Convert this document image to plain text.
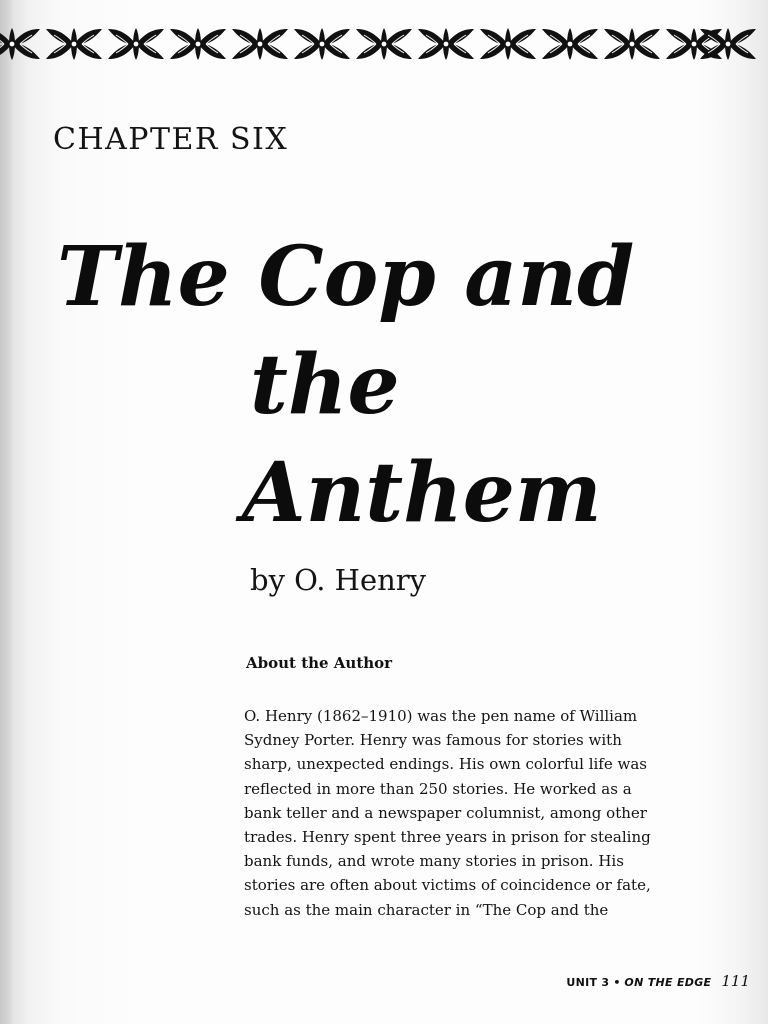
CHAPTER SIX
The Cop and
the
Anthem
by O. Henry
About the Author
O. Henry (1862–1910) was the pen name of William
Sydney Porter. Henry was famous for stories with
sharp, unexpected endings. His own colorful life was
reflected in more than 250 stories. He worked as a
bank teller and a newspaper columnist, among other
trades. Henry spent three years in prison for stealing
bank funds, and wrote many stories in prison. His
stories are often about victims of coincidence or fate,
such as the main character in “The Cop and the
UNIT 3 • ON THE EDGE 111
